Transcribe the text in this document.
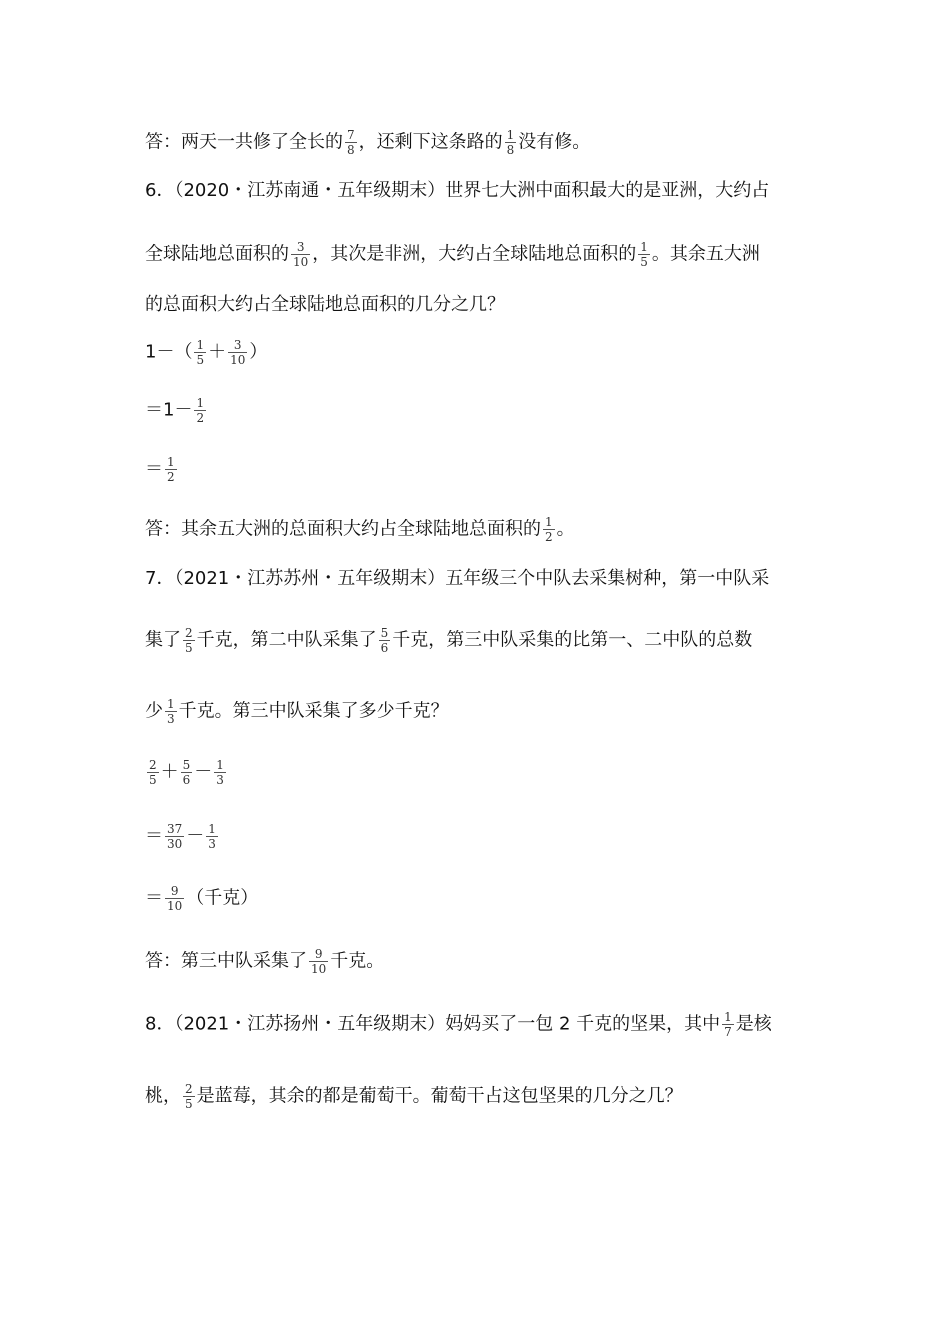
答：两天一共修了全长的 $\frac{7}{8}$ ，还剩下这条路的 $\frac{1}{8}$ 没有修。
6．（2020・江苏南通・五年级期末）世界七大洲中面积最大的是亚洲，大约占
全球陆地总面积的 $\frac{3}{10}$ ，其次是非洲，大约占全球陆地总面积的 $\frac{1}{5}$ 。其余五大洲
的总面积大约占全球陆地总面积的几分之几？
$1-( \frac{1}{5} + \frac{3}{10}$ ）
$=1- \frac{1}{2}$
＝ $\frac{1}{2}$
答：其余五大洲的总面积大约占全球陆地总面积的 $\frac{1}{2}$ 。
7．（2021・江苏苏州・五年级期末）五年级三个中队去采集树种，第一中队采
集了 $\frac{2}{5}$ 千克，第二中队采集了 $\frac{5}{6}$ 千克，第三中队采集的比第一、二中队的总数
少 $\frac{1}{3}$ 千克。第三中队采集了多少千克？
$\frac{2}{5} + \frac{5}{6} - \frac{1}{3}$
＝ $\frac{37}{30} - \frac{1}{3}$
＝ $\frac{9}{10}$ （千克）
答：第三中队采集了 $\frac{9}{10}$ 千克。
8．（2021・江苏扬州・五年级期末）妈妈买了一包 2 千克的坚果，其中 $\frac{1}{7}$ 是核
桃， $\frac{2}{5}$ 是蓝莓，其余的都是葡萄干。葡萄干占这包坚果的几分之几？
